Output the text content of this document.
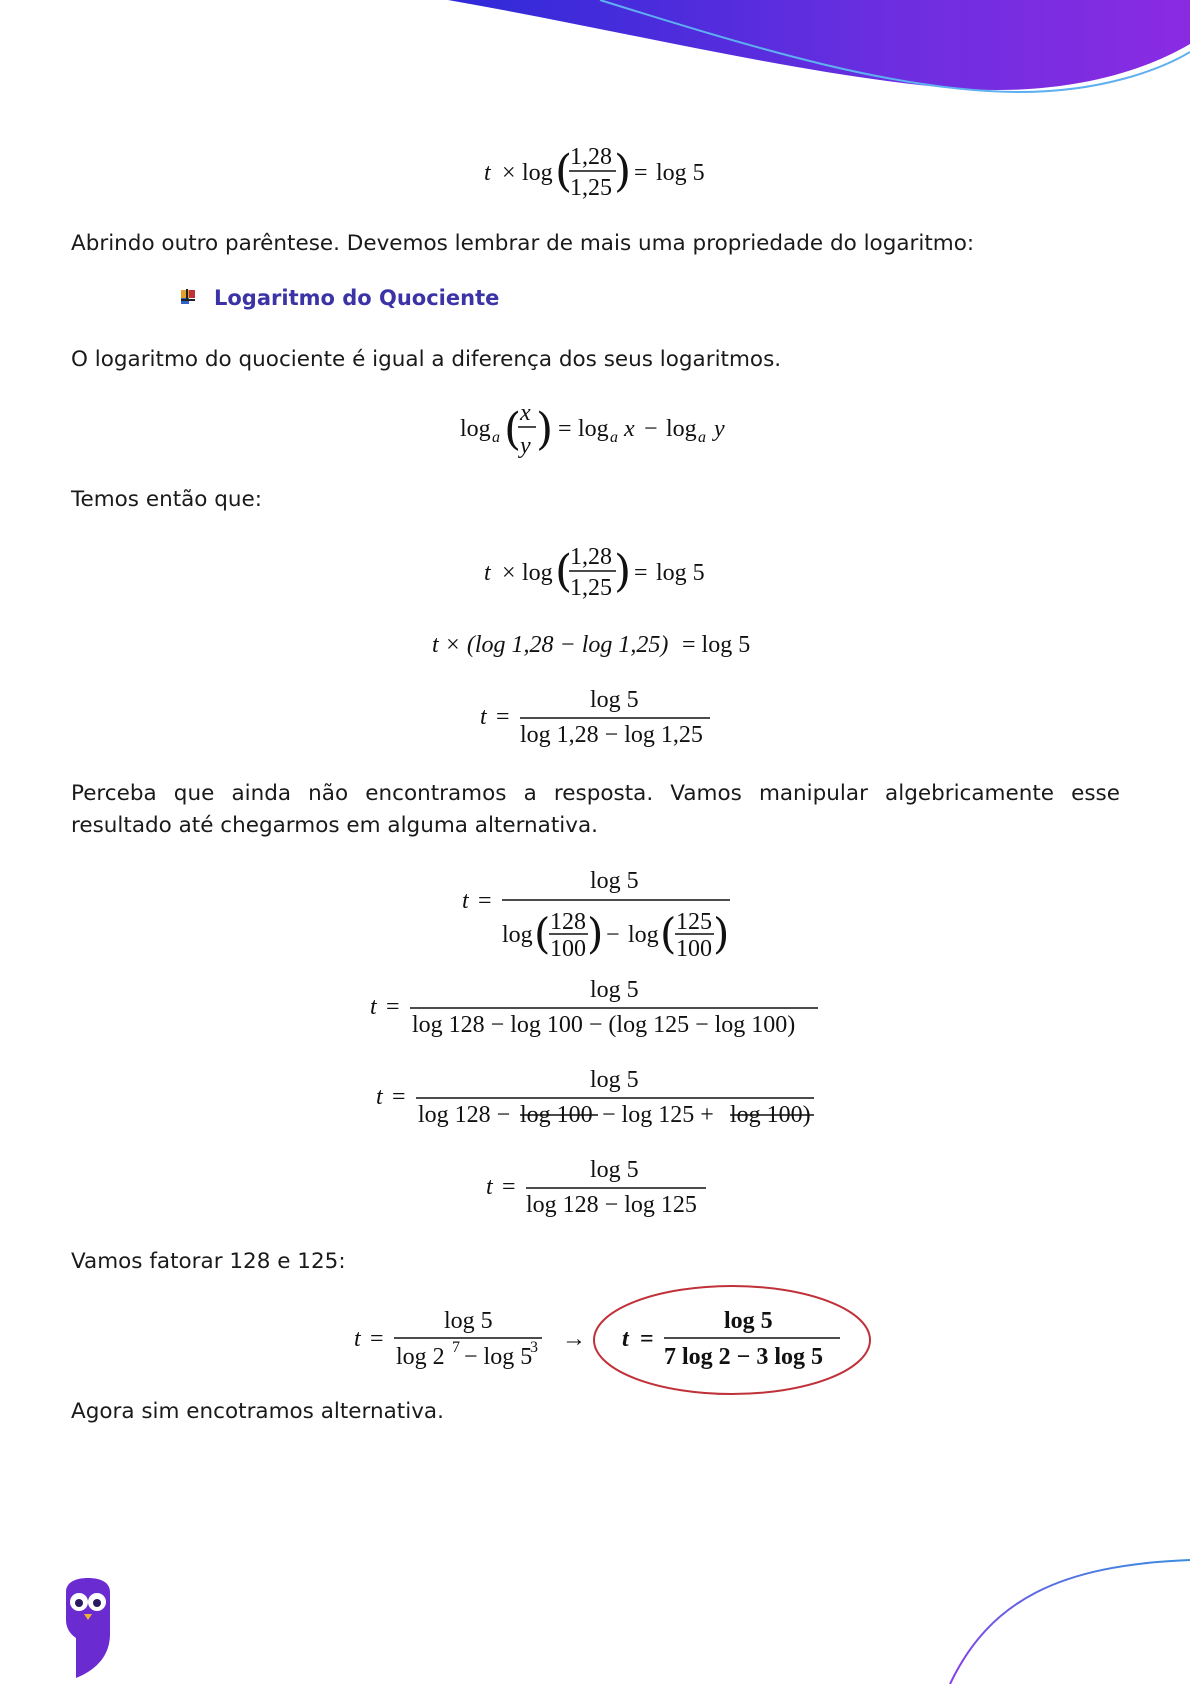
t × log (
1,28
1,25 ) = log 5
Abrindo outro parêntese. Devemos lembrar de mais uma propriedade do logaritmo:
Logaritmo do Quociente
O logaritmo do quociente é igual a diferença dos seus logaritmos.
log a (
x
y ) = log a x − log a y
Temos então que:
t × log (
1,28
1,25 ) = log 5
t × (log 1,28 − log 1,25) = log 5
t =
log 5
log 1,28 − log 1,25
Perceba que ainda não encontramos a resposta. Vamos manipular algebricamente esse resultado até chegarmos em alguma alternativa.
t =
log 5
log ( 128
100 ) − log ( 125
100 )
t =
log 5
log 128 − log 100 − (log 125 − log 100)
t =
log 5
log 128 − log 100 − log 125 + log 100)
t =
log 5
log 128 − log 125
Vamos fatorar 128 e 125:
t =
log 5
log 2 7 − log 5
3 → t =
log 5
7 log 2 − 3 log 5
Agora sim encotramos alternativa.
